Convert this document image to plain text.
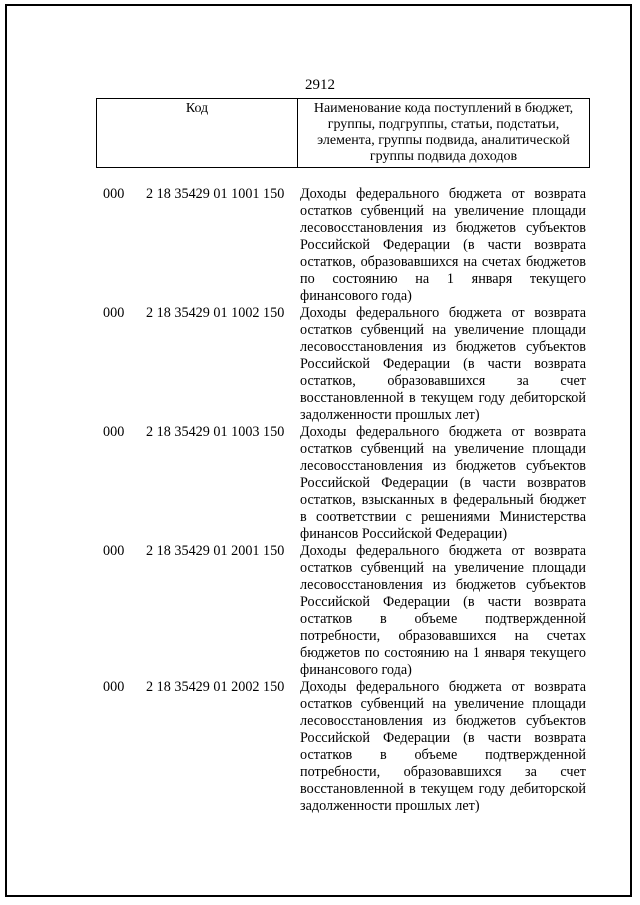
2912
Код	Наименование кода поступлений в бюджет, группы, подгруппы, статьи, подстатьи, элемента, группы подвида, аналитической группы подвида доходов
000 2 18 35429 01 1001 150 Доходы федерального бюджета от возврата остатков субвенций на увеличение площади лесовосстановления из бюджетов субъектов Российской Федерации (в части возврата остатков, образовавшихся на счетах бюджетов по состоянию на 1 января текущего финансового года)
000 2 18 35429 01 1002 150 Доходы федерального бюджета от возврата остатков субвенций на увеличение площади лесовосстановления из бюджетов субъектов Российской Федерации (в части возврата остатков, образовавшихся за счет восстановленной в текущем году дебиторской задолженности прошлых лет)
000 2 18 35429 01 1003 150 Доходы федерального бюджета от возврата остатков субвенций на увеличение площади лесовосстановления из бюджетов субъектов Российской Федерации (в части возвратов остатков, взысканных в федеральный бюджет в соответствии с решениями Министерства финансов Российской Федерации)
000 2 18 35429 01 2001 150 Доходы федерального бюджета от возврата остатков субвенций на увеличение площади лесовосстановления из бюджетов субъектов Российской Федерации (в части возврата остатков в объеме подтвержденной потребности, образовавшихся на счетах бюджетов по состоянию на 1 января текущего финансового года)
000 2 18 35429 01 2002 150 Доходы федерального бюджета от возврата остатков субвенций на увеличение площади лесовосстановления из бюджетов субъектов Российской Федерации (в части возврата остатков в объеме подтвержденной потребности, образовавшихся за счет восстановленной в текущем году дебиторской задолженности прошлых лет)
